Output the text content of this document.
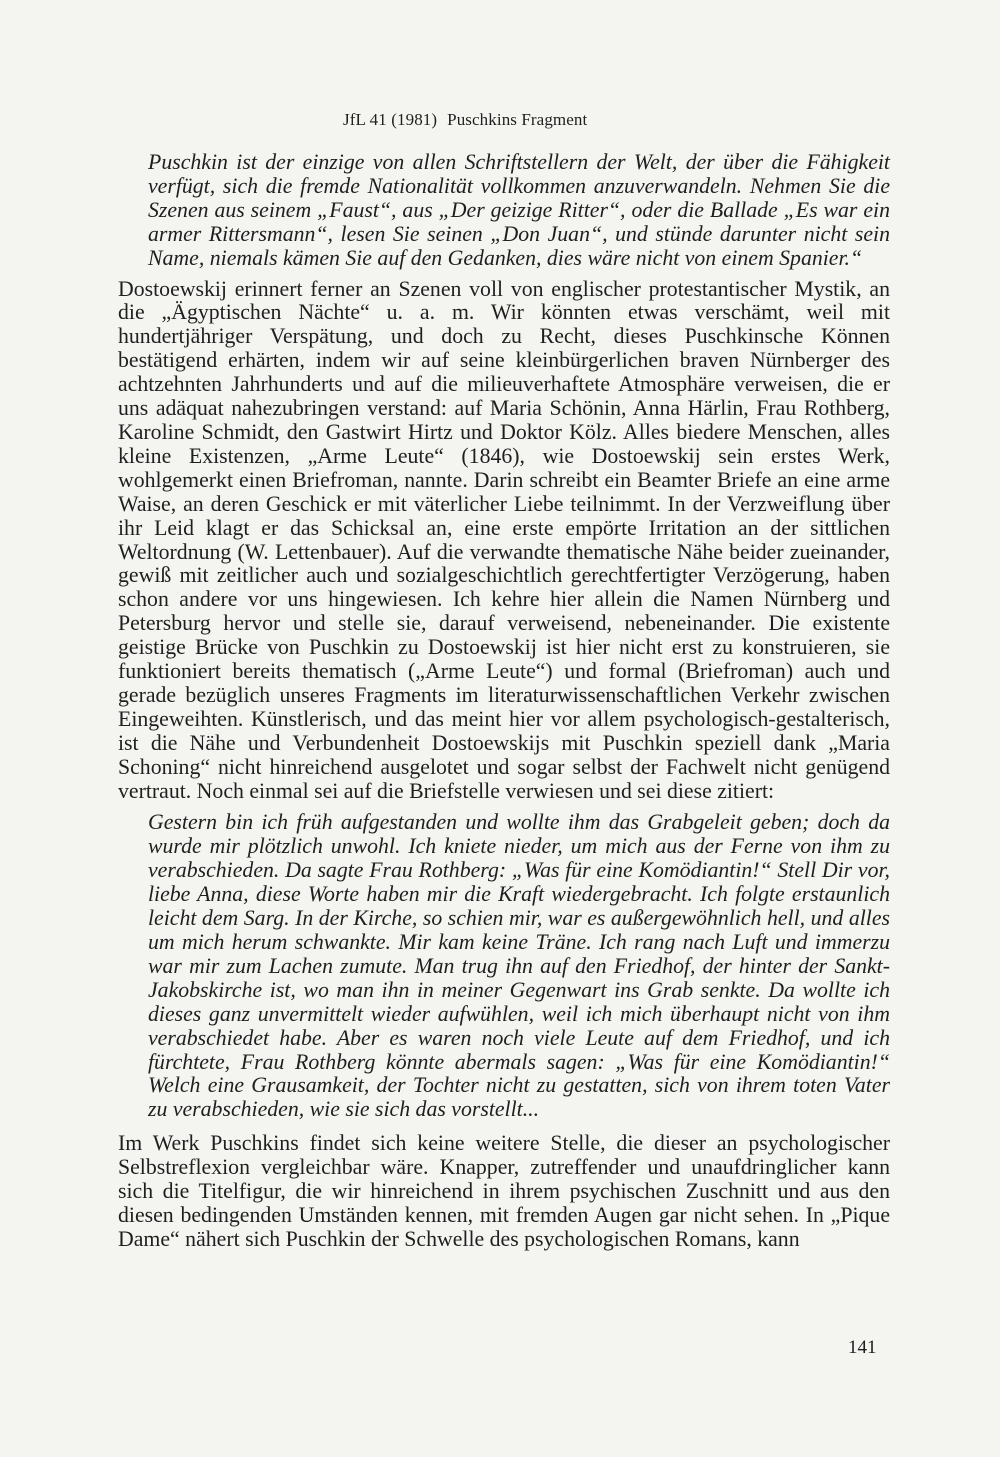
JfL 41 (1981) Puschkins Fragment

Puschkin ist der einzige von allen Schriftstellern der Welt, der über die Fähigkeit verfügt, sich die fremde Nationalität vollkommen anzuverwandeln. Nehmen Sie die Szenen aus seinem „Faust“, aus „Der geizige Ritter“, oder die Ballade „Es war ein armer Rittersmann“, lesen Sie seinen „Don Juan“, und stünde darunter nicht sein Name, niemals kämen Sie auf den Gedanken, dies wäre nicht von einem Spanier.“

Dostoewskij erinnert ferner an Szenen voll von englischer protestantischer Mystik, an die „Ägyptischen Nächte“ u. a. m. Wir könnten etwas verschämt, weil mit hundertjähriger Verspätung, und doch zu Recht, dieses Puschkinsche Können bestätigend erhärten, indem wir auf seine kleinbürgerlichen braven Nürnberger des achtzehnten Jahrhunderts und auf die milieuverhaftete Atmosphäre verweisen, die er uns adäquat nahezubringen verstand: auf Maria Schönin, Anna Härlin, Frau Rothberg, Karoline Schmidt, den Gastwirt Hirtz und Doktor Kölz. Alles biedere Menschen, alles kleine Existenzen, „Arme Leute“ (1846), wie Dostoewskij sein erstes Werk, wohlgemerkt einen Briefroman, nannte. Darin schreibt ein Beamter Briefe an eine arme Waise, an deren Geschick er mit väterlicher Liebe teilnimmt. In der Verzweiflung über ihr Leid klagt er das Schicksal an, eine erste empörte Irritation an der sittlichen Weltordnung (W. Lettenbauer). Auf die verwandte thematische Nähe beider zueinander, gewiß mit zeitlicher auch und sozialgeschichtlich gerechtfertigter Verzögerung, haben schon andere vor uns hingewiesen. Ich kehre hier allein die Namen Nürnberg und Petersburg hervor und stelle sie, darauf verweisend, nebeneinander. Die existente geistige Brücke von Puschkin zu Dostoewskij ist hier nicht erst zu konstruieren, sie funktioniert bereits thematisch („Arme Leute“) und formal (Briefroman) auch und gerade bezüglich unseres Fragments im literaturwissenschaftlichen Verkehr zwischen Eingeweihten. Künstlerisch, und das meint hier vor allem psychologisch-gestalterisch, ist die Nähe und Verbundenheit Dostoewskijs mit Puschkin speziell dank „Maria Schoning“ nicht hinreichend ausgelotet und sogar selbst der Fachwelt nicht genügend vertraut. Noch einmal sei auf die Briefstelle verwiesen und sei diese zitiert:

Gestern bin ich früh aufgestanden und wollte ihm das Grabgeleit geben; doch da wurde mir plötzlich unwohl. Ich kniete nieder, um mich aus der Ferne von ihm zu verabschieden. Da sagte Frau Rothberg: „Was für eine Komödiantin!“ Stell Dir vor, liebe Anna, diese Worte haben mir die Kraft wiedergebracht. Ich folgte erstaunlich leicht dem Sarg. In der Kirche, so schien mir, war es außergewöhnlich hell, und alles um mich herum schwankte. Mir kam keine Träne. Ich rang nach Luft und immerzu war mir zum Lachen zumute. Man trug ihn auf den Friedhof, der hinter der Sankt-Jakobskirche ist, wo man ihn in meiner Gegenwart ins Grab senkte. Da wollte ich dieses ganz unvermittelt wieder aufwühlen, weil ich mich überhaupt nicht von ihm verabschiedet habe. Aber es waren noch viele Leute auf dem Friedhof, und ich fürchtete, Frau Rothberg könnte abermals sagen: „Was für eine Komödiantin!“ Welch eine Grausamkeit, der Tochter nicht zu gestatten, sich von ihrem toten Vater zu verabschieden, wie sie sich das vorstellt...

Im Werk Puschkins findet sich keine weitere Stelle, die dieser an psychologischer Selbstreflexion vergleichbar wäre. Knapper, zutreffender und unaufdringlicher kann sich die Titelfigur, die wir hinreichend in ihrem psychischen Zuschnitt und aus den diesen bedingenden Umständen kennen, mit fremden Augen gar nicht sehen. In „Pique Dame“ nähert sich Puschkin der Schwelle des psychologischen Romans, kann

141
